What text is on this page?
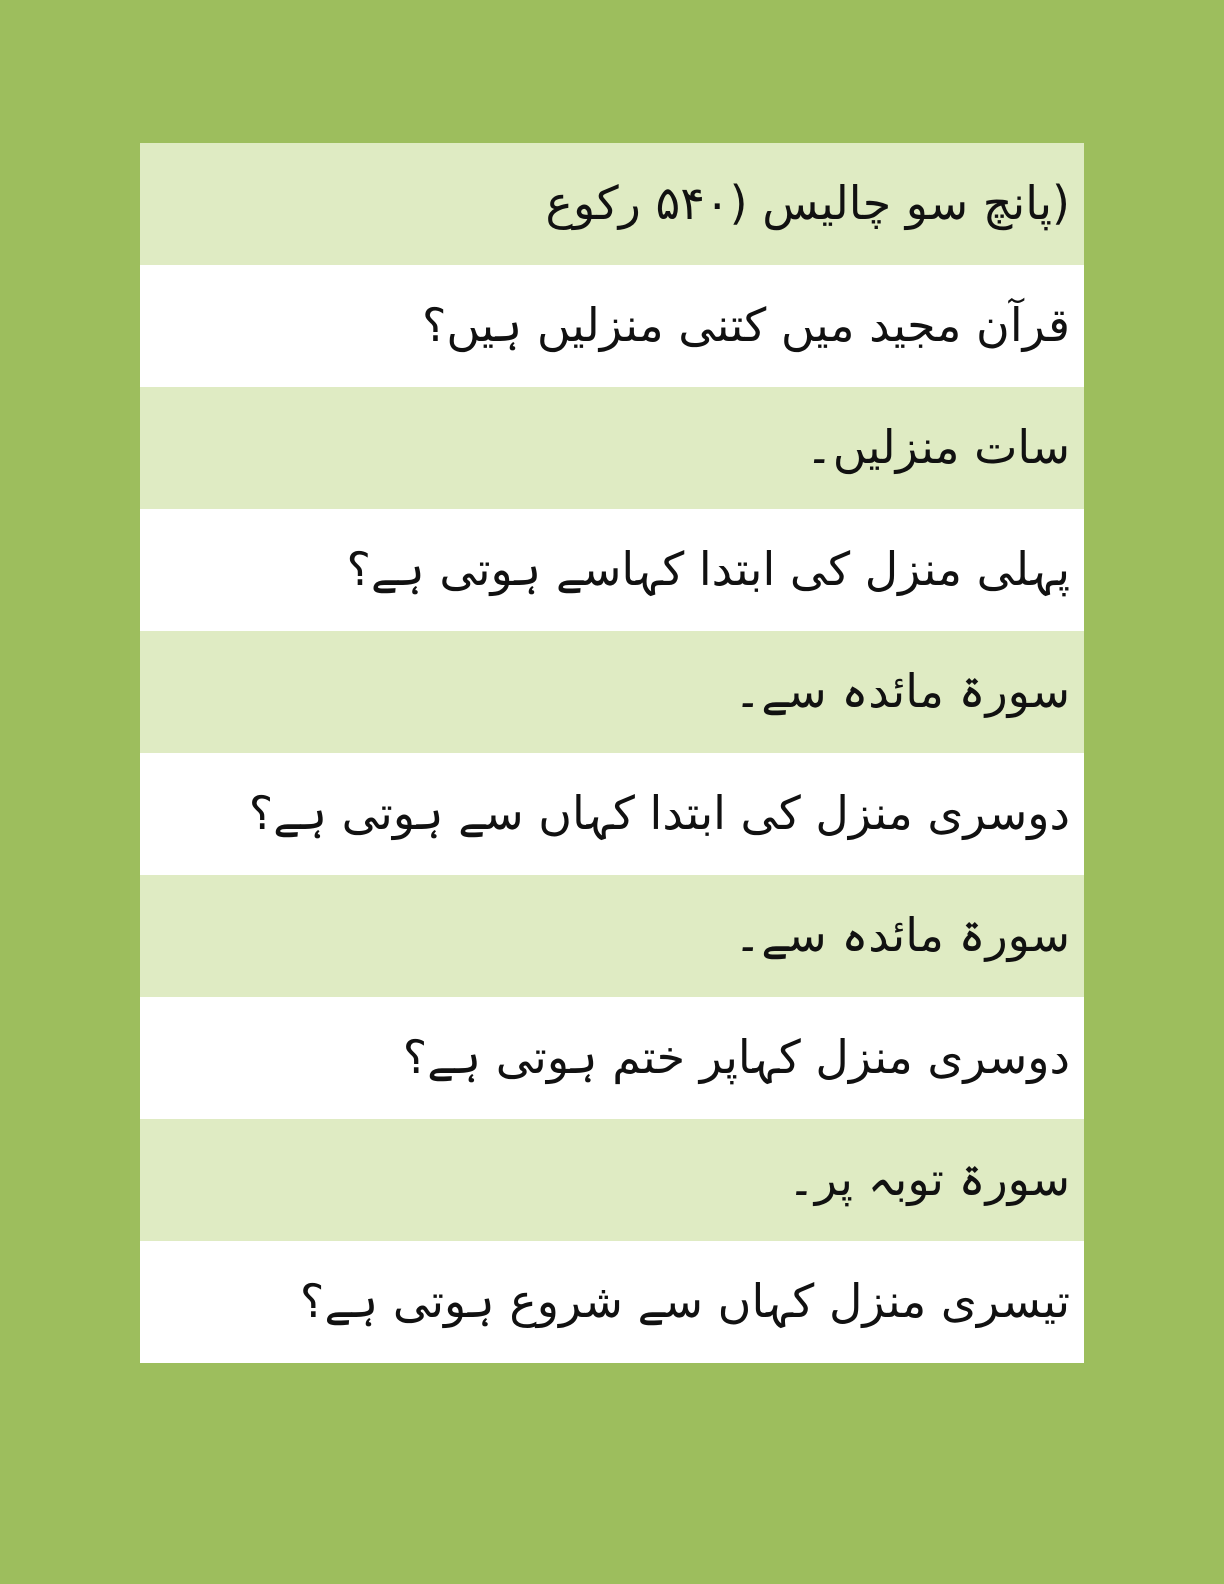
(پانچ سو چالیس (۵۴۰ رکوع
قرآن مجید میں کتنی منزلیں ہیں؟
سات منزلیں۔
پہلی منزل کی ابتدا کہاسے ہوتی ہے؟
سورۃ مائدہ سے۔
دوسری منزل کی ابتدا کہاں سے ہوتی ہے؟
سورۃ مائدہ سے۔
دوسری منزل کہاپر ختم ہوتی ہے؟
سورۃ توبہ پر۔
تیسری منزل کہاں سے شروع ہوتی ہے؟
